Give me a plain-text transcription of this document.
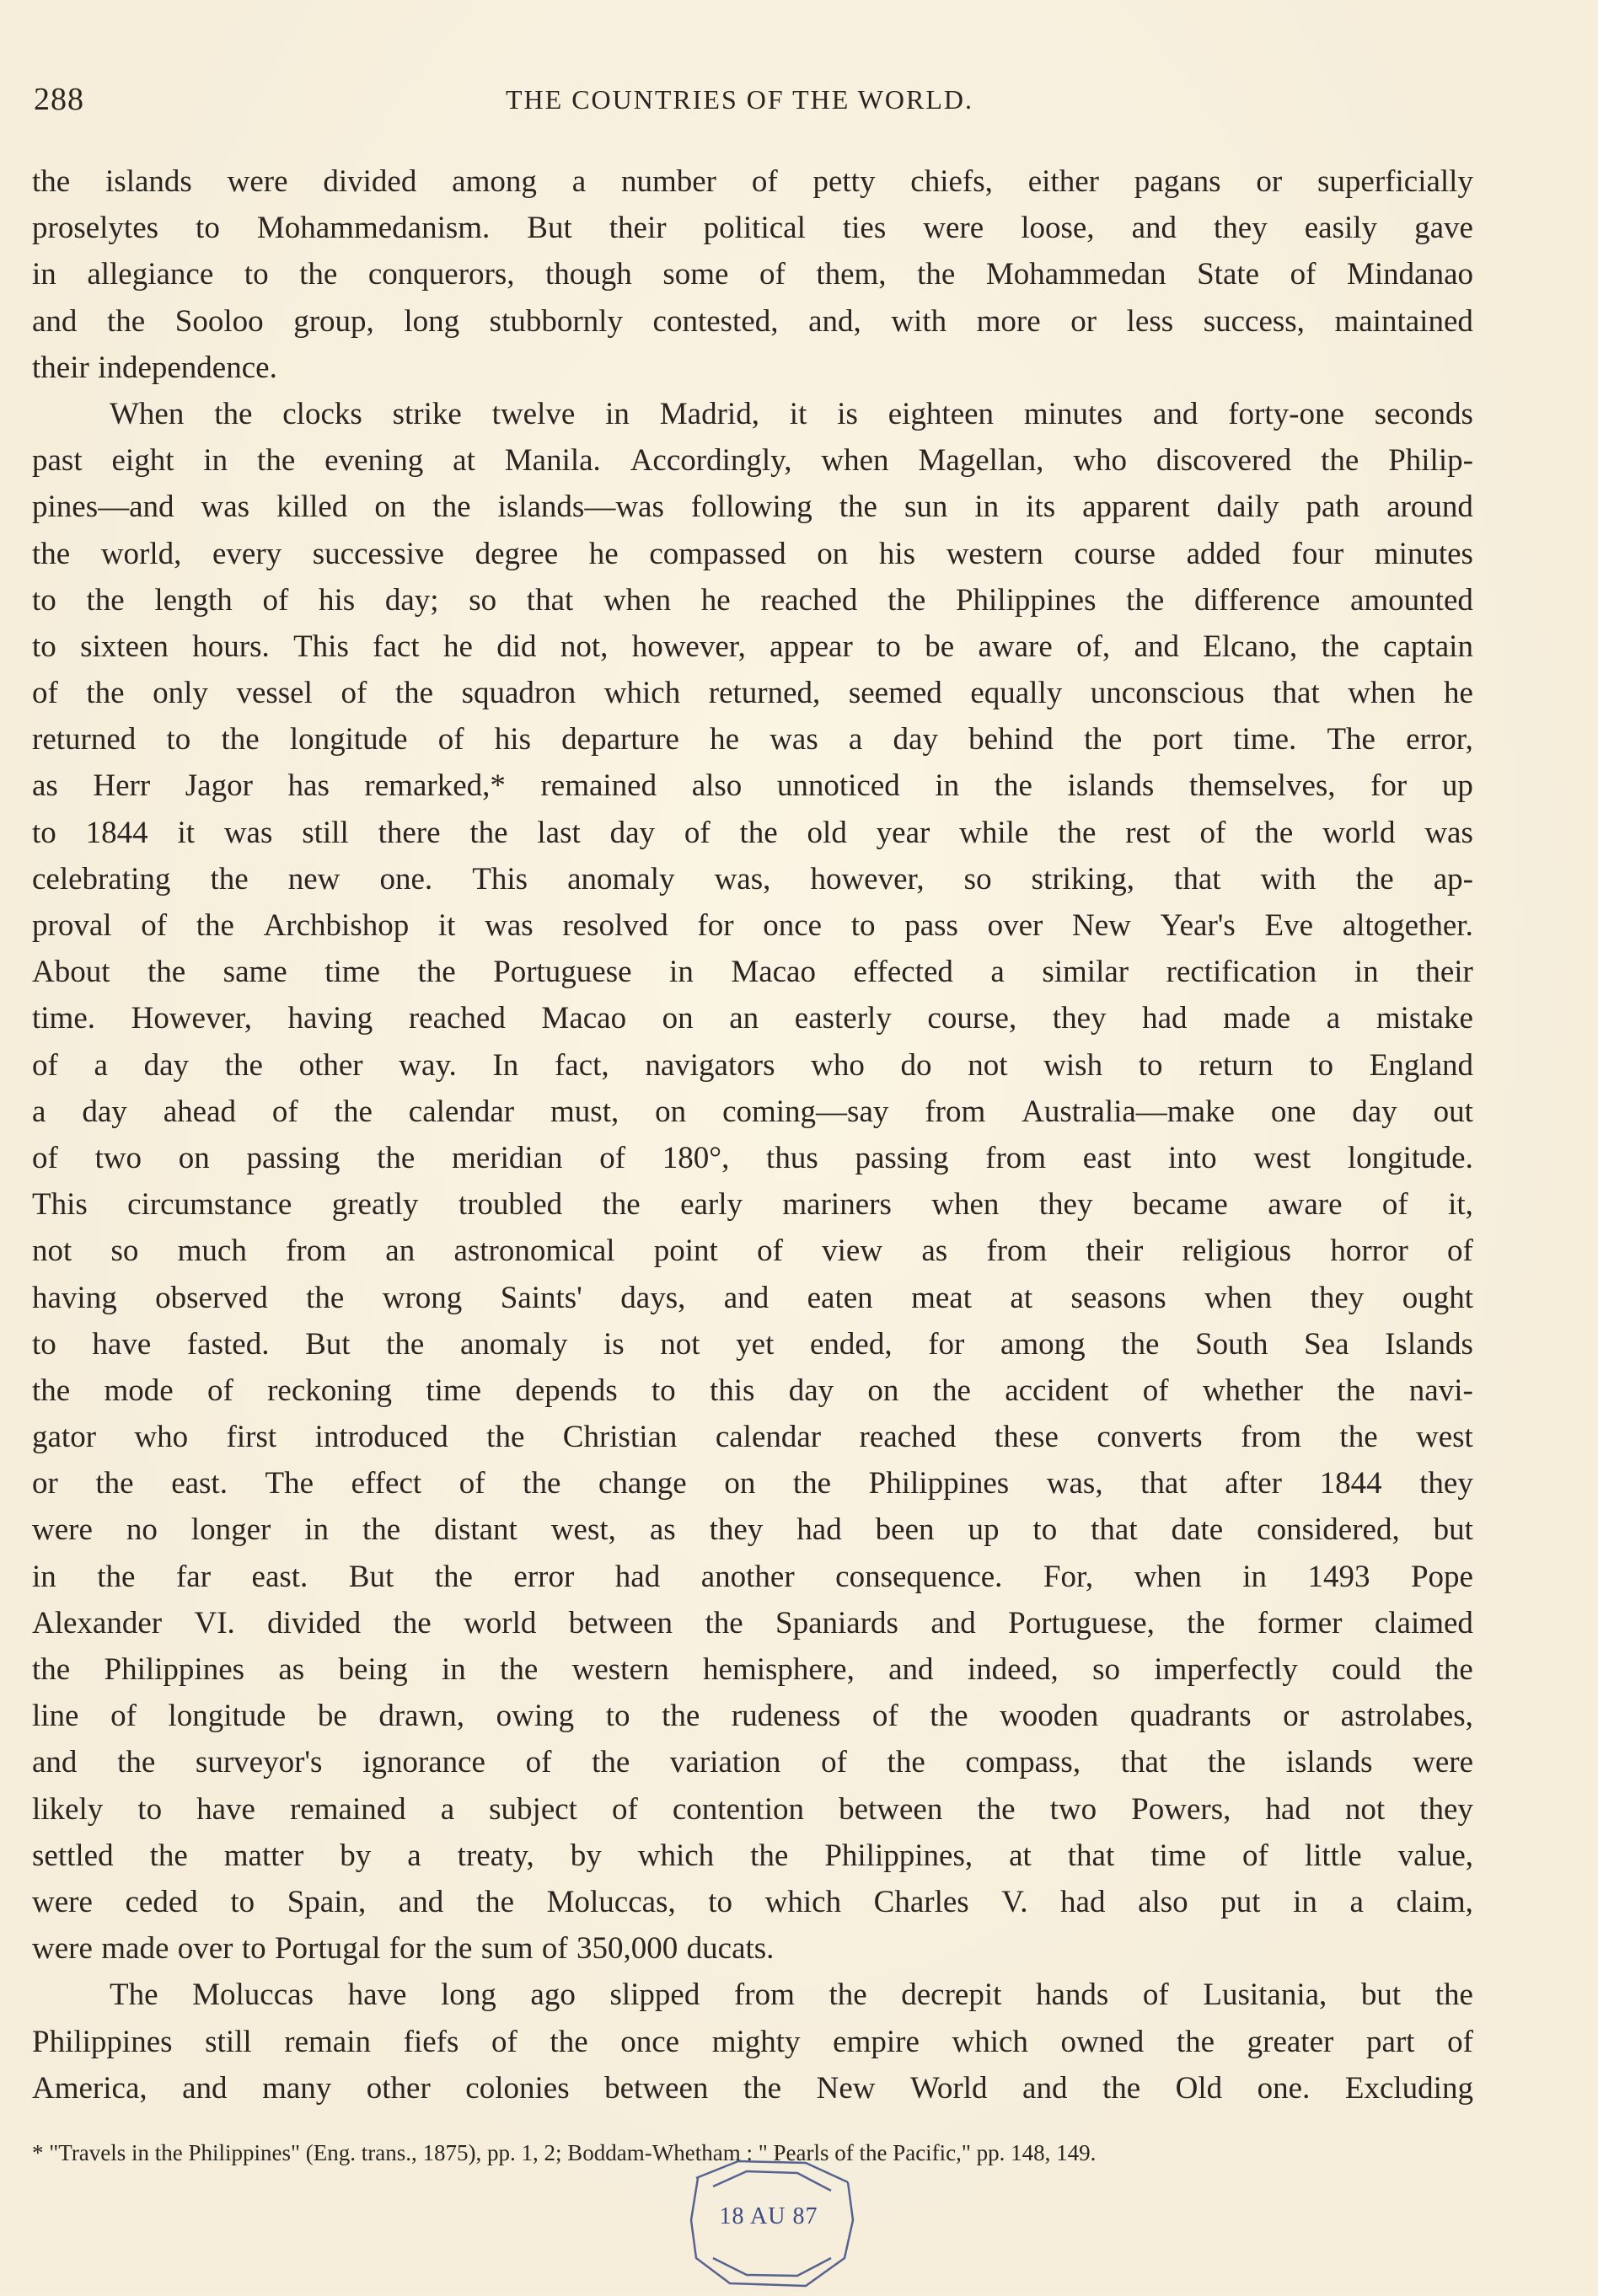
288	THE COUNTRIES OF THE WORLD.
the islands were divided among a number of petty chiefs, either pagans or superficially
proselytes to Mohammedanism. But their political ties were loose, and they easily gave
in allegiance to the conquerors, though some of them, the Mohammedan State of Mindanao
and the Sooloo group, long stubbornly contested, and, with more or less success, maintained
their independence.
When the clocks strike twelve in Madrid, it is eighteen minutes and forty-one seconds
past eight in the evening at Manila. Accordingly, when Magellan, who discovered the Philip-
pines—and was killed on the islands—was following the sun in its apparent daily path around
the world, every successive degree he compassed on his western course added four minutes
to the length of his day; so that when he reached the Philippines the difference amounted
to sixteen hours. This fact he did not, however, appear to be aware of, and Elcano, the captain
of the only vessel of the squadron which returned, seemed equally unconscious that when he
returned to the longitude of his departure he was a day behind the port time. The error,
as Herr Jagor has remarked,* remained also unnoticed in the islands themselves, for up
to 1844 it was still there the last day of the old year while the rest of the world was
celebrating the new one. This anomaly was, however, so striking, that with the ap-
proval of the Archbishop it was resolved for once to pass over New Year's Eve altogether.
About the same time the Portuguese in Macao effected a similar rectification in their
time. However, having reached Macao on an easterly course, they had made a mistake
of a day the other way. In fact, navigators who do not wish to return to England
a day ahead of the calendar must, on coming—say from Australia—make one day out
of two on passing the meridian of 180°, thus passing from east into west longitude.
This circumstance greatly troubled the early mariners when they became aware of it,
not so much from an astronomical point of view as from their religious horror of
having observed the wrong Saints' days, and eaten meat at seasons when they ought
to have fasted. But the anomaly is not yet ended, for among the South Sea Islands
the mode of reckoning time depends to this day on the accident of whether the navi-
gator who first introduced the Christian calendar reached these converts from the west
or the east. The effect of the change on the Philippines was, that after 1844 they
were no longer in the distant west, as they had been up to that date considered, but
in the far east. But the error had another consequence. For, when in 1493 Pope
Alexander VI. divided the world between the Spaniards and Portuguese, the former claimed
the Philippines as being in the western hemisphere, and indeed, so imperfectly could the
line of longitude be drawn, owing to the rudeness of the wooden quadrants or astrolabes,
and the surveyor's ignorance of the variation of the compass, that the islands were
likely to have remained a subject of contention between the two Powers, had not they
settled the matter by a treaty, by which the Philippines, at that time of little value,
were ceded to Spain, and the Moluccas, to which Charles V. had also put in a claim,
were made over to Portugal for the sum of 350,000 ducats.
The Moluccas have long ago slipped from the decrepit hands of Lusitania, but the
Philippines still remain fiefs of the once mighty empire which owned the greater part of
America, and many other colonies between the New World and the Old one. Excluding
* "Travels in the Philippines" (Eng. trans., 1875), pp. 1, 2; Boddam-Whetham : " Pearls of the Pacific," pp. 148, 149.
18 AU 87
